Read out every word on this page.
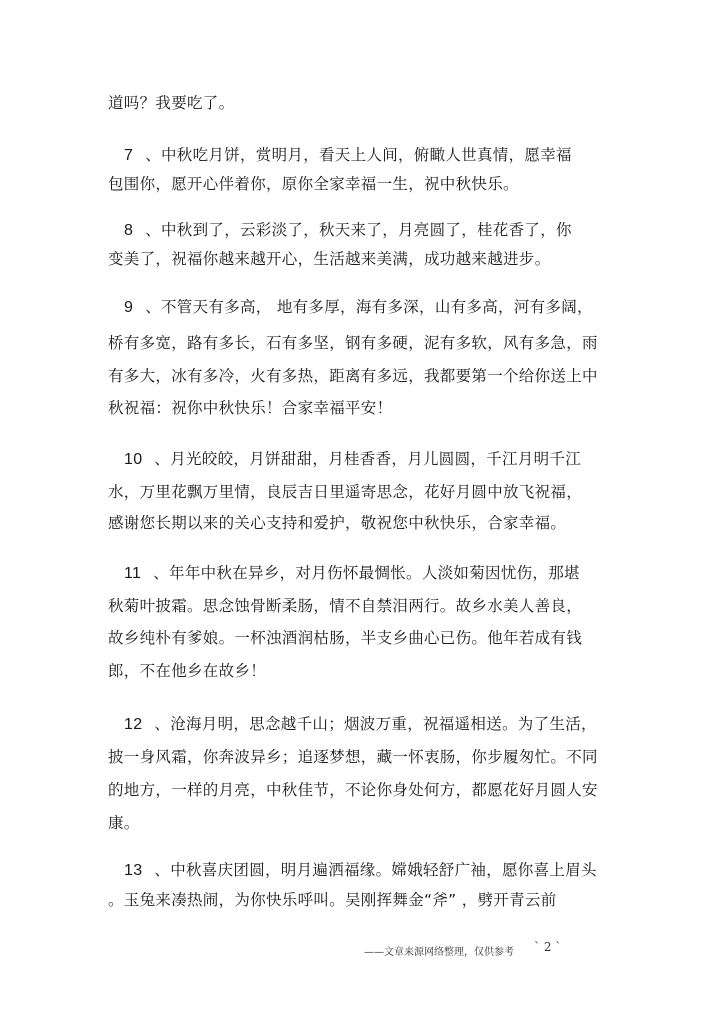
道吗？我要吃了。
7 、中秋吃月饼，赏明月，看天上人间，俯瞰人世真情，愿幸福
包围你，愿开心伴着你，原你全家幸福一生，祝中秋快乐。
8 、中秋到了，云彩淡了，秋天来了，月亮圆了，桂花香了，你
变美了，祝福你越来越开心，生活越来美满，成功越来越进步。
9 、不管天有多高， 地有多厚，海有多深，山有多高，河有多阔，
桥有多宽，路有多长，石有多坚，钢有多硬，泥有多软，风有多急，雨
有多大，冰有多冷，火有多热，距离有多远，我都要第一个给你送上中
秋祝福：祝你中秋快乐！合家幸福平安！
10 、月光皎皎，月饼甜甜，月桂香香，月儿圆圆，千江月明千江
水，万里花飘万里情，良辰吉日里遥寄思念，花好月圆中放飞祝福，
感谢您长期以来的关心支持和爱护，敬祝您中秋快乐，合家幸福。
11 、年年中秋在异乡，对月伤怀最惆怅。人淡如菊因忧伤，那堪
秋菊叶披霜。思念蚀骨断柔肠，情不自禁泪两行。故乡水美人善良，
故乡纯朴有爹娘。一杯浊酒润枯肠，半支乡曲心已伤。他年若成有钱
郎，不在他乡在故乡！
12 、沧海月明，思念越千山；烟波万重，祝福遥相送。为了生活，
披一身风霜，你奔波异乡；追逐梦想，藏一怀衷肠，你步履匆忙。不同
的地方，一样的月亮，中秋佳节，不论你身处何方，都愿花好月圆人安
康。
13 、中秋喜庆团圆，明月遍洒福缘。嫦娥轻舒广袖，愿你喜上眉头
。玉兔来凑热闹，为你快乐呼叫。吴刚挥舞金“斧” ，劈开青云前
——文章来源网络整理，仅供参考 ` 2 `
